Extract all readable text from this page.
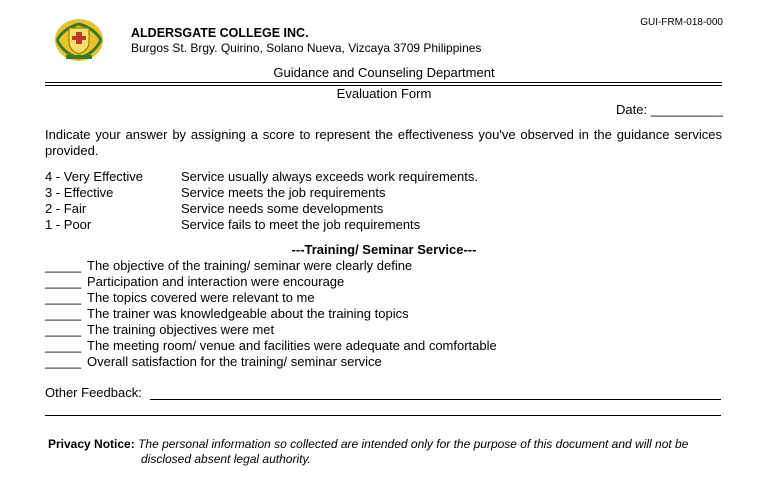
GUI-FRM-018-000
ALDERSGATE COLLEGE INC.
Burgos St. Brgy. Quirino, Solano Nueva, Vizcaya 3709 Philippines
Guidance and Counseling Department
Evaluation Form
Date: __________
Indicate your answer by assigning a score to represent the effectiveness you've observed in the guidance services provided.
4 - Very Effective	Service usually always exceeds work requirements.
3 - Effective	Service meets the job requirements
2 - Fair	Service needs some developments
1 - Poor	Service fails to meet the job requirements
---Training/ Seminar Service---
_____ The objective of the training/ seminar were clearly define
_____ Participation and interaction were encourage
_____ The topics covered were relevant to me
_____ The trainer was knowledgeable about the training topics
_____ The training objectives were met
_____ The meeting room/ venue and facilities were adequate and comfortable
_____ Overall satisfaction for the training/ seminar service
Other Feedback:
Privacy Notice: The personal information so collected are intended only for the purpose of this document and will not be
disclosed absent legal authority.
